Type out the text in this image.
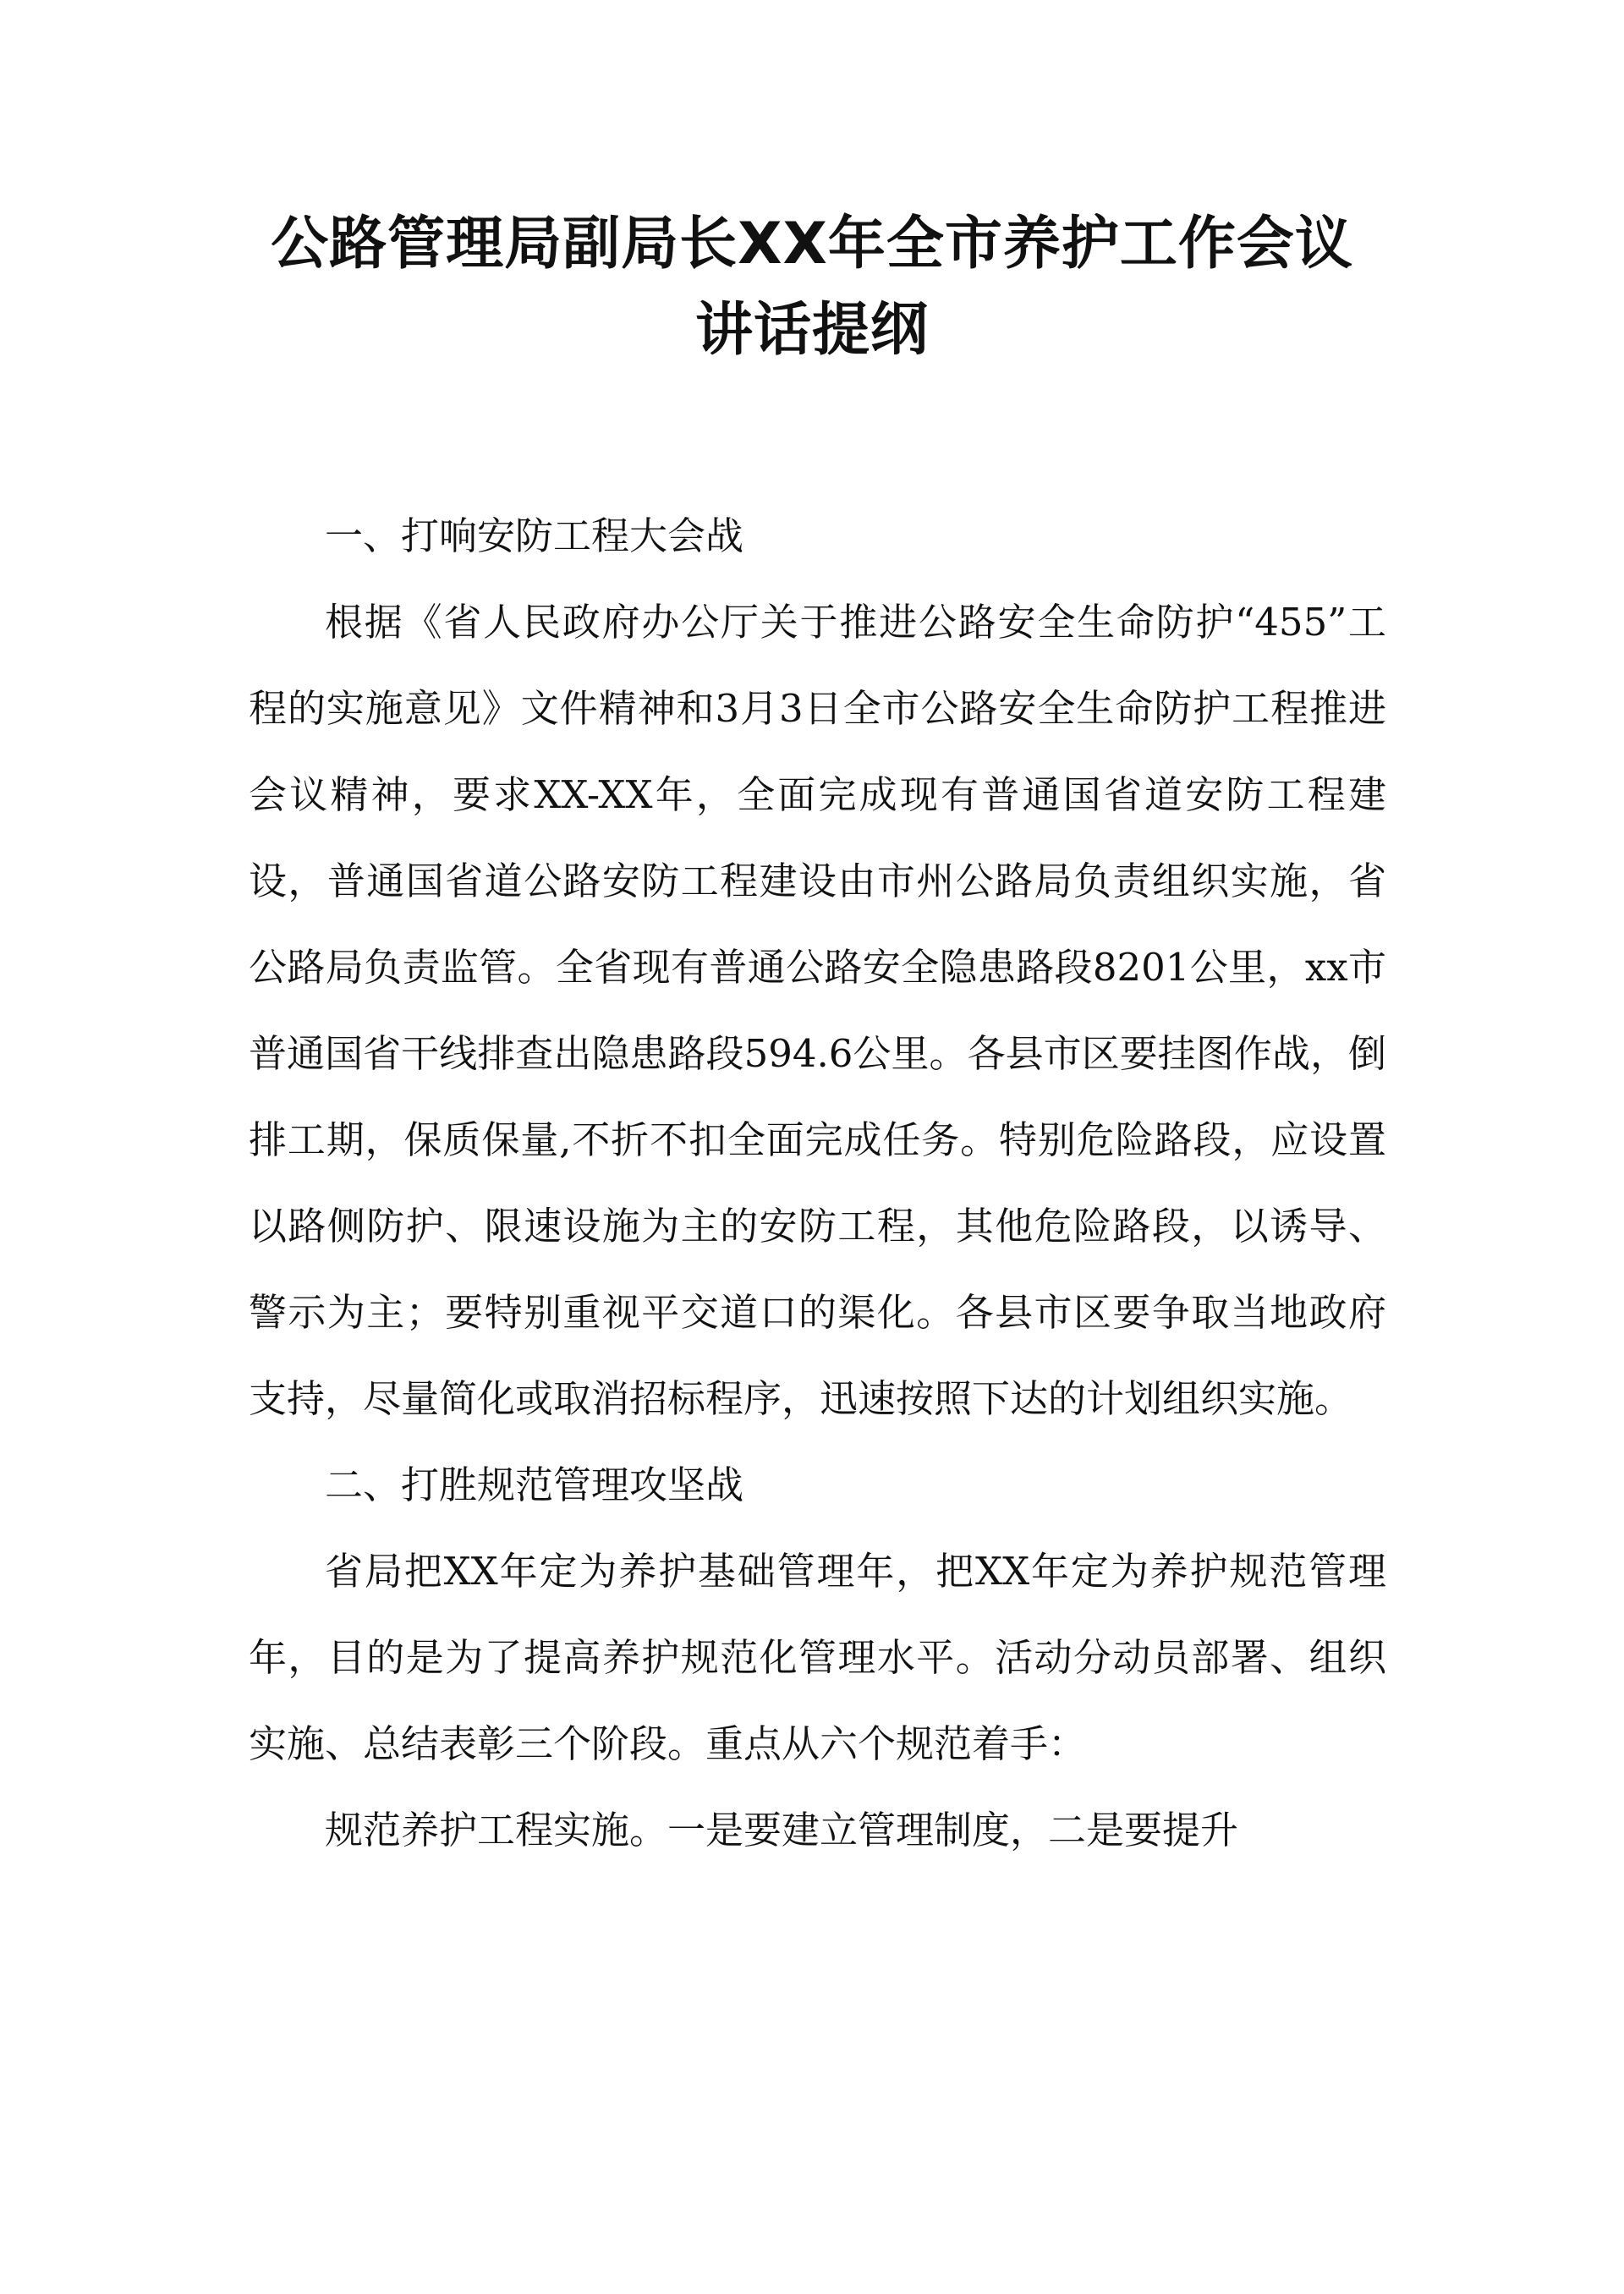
公路管理局副局长XX年全市养护工作会议
讲话提纲

一、打响安防工程大会战

根据《省人民政府办公厅关于推进公路安全生命防护“455”工程的实施意见》文件精神和3月3日全市公路安全生命防护工程推进会议精神，要求XX-XX年，全面完成现有普通国省道安防工程建设，普通国省道公路安防工程建设由市州公路局负责组织实施，省公路局负责监管。全省现有普通公路安全隐患路段8201公里，xx市普通国省干线排查出隐患路段594.6公里。各县市区要挂图作战，倒排工期，保质保量,不折不扣全面完成任务。特别危险路段，应设置以路侧防护、限速设施为主的安防工程，其他危险路段，以诱导、警示为主；要特别重视平交道口的渠化。各县市区要争取当地政府支持，尽量简化或取消招标程序，迅速按照下达的计划组织实施。

二、打胜规范管理攻坚战

省局把XX年定为养护基础管理年，把XX年定为养护规范管理年，目的是为了提高养护规范化管理水平。活动分动员部署、组织实施、总结表彰三个阶段。重点从六个规范着手：

规范养护工程实施。一是要建立管理制度，二是要提升
